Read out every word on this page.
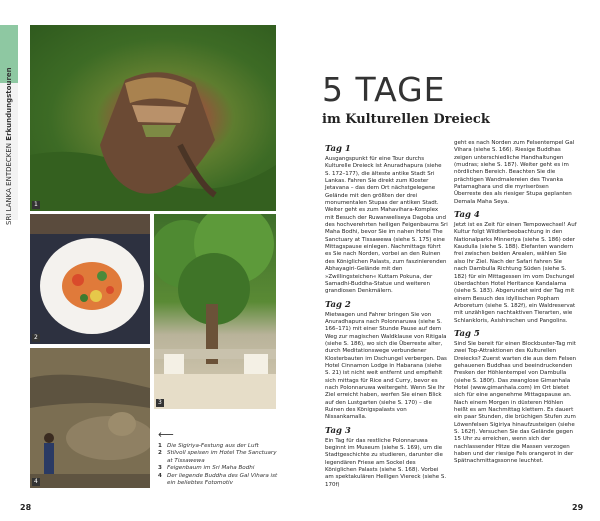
SRI LANKA ENTDECKEN Erkundungstouren
1
2
3
4
⟵
1 Die Sigiriya-Festung aus der Luft
2 Stilvoll speisen im Hotel The Sanctuary at Tissawewa
3 Feigenbaum im Sri Maha Bodhi
4 Der liegende Buddha des Gal Vihara ist ein beliebtes Fotomotiv
28	29
5 TAGE
im Kulturellen Dreieck
Tag 1

Ausgangspunkt für eine Tour durchs Kulturelle Dreieck ist Anuradhapura (siehe S. 172–177), die älteste antike Stadt Sri Lankas. Fahren Sie direkt zum Kloster Jetavana – das dem Ort nächstgelegene Gelände mit den größten der drei monumentalen Stupas der antiken Stadt. Weiter geht es zum Mahavihara-Komplex mit Besuch der Ruwanweliseya Dagoba und des hochverehrten heiligen Feigenbaums Sri Maha Bodhi, bevor Sie im nahen Hotel The Sanctuary at Tissawewa (siehe S. 175) eine Mittagspause einlegen. Nachmittags führt es Sie nach Norden, vorbei an den Ruinen des Königlichen Palasts, zum faszinierenden Abhayagiri-Gelände mit den »Zwillingsteichen« Kuttam Pokuna, der Samadhi-Buddha-Statue und weiteren grandiosen Denkmälern.

Tag 2

Mietwagen und Fahrer bringen Sie von Anuradhapura nach Polonnaruwa (siehe S. 166–171) mit einer Stunde Pause auf dem Weg zur magischen Waldklause von Ritigala (siehe S. 186), wo sich die Überreste alter, durch Meditationswege verbundener Klosterbauten im Dschungel verbergen. Das Hotel Cinnamon Lodge in Habarana (siehe S. 21) ist nicht weit entfernt und empfiehlt sich mittags für Rice and Curry, bevor es nach Polonnaruwa weitergeht. Wenn Sie Ihr Ziel erreicht haben, werfen Sie einen Blick auf den Lustgarten (siehe S. 170) – die Ruinen des Königspalasts von Nissankamalla.

Tag 3

Ein Tag für das restliche Polonnaruwa beginnt im Museum (siehe S. 169), um die Stadtgeschichte zu studieren, darunter die legendären Friese am Sockel des Königlichen Palasts (siehe S. 168). Vorbei am spektakulären Heiligen Viereck (siehe S. 170f)

geht es nach Norden zum Felsentempel Gal Vihara (siehe S. 166). Riesige Buddhas zeigen unterschiedliche Handhaltungen (mudras; siehe S. 187). Weiter geht es im nördlichen Bereich. Beachten Sie die prächtigen Wandmalereien des Tivanka Patamaghara und die myriserösen Überreste des als riesiger Stupa geplanten Demala Maha Seya.

Tag 4

Jetzt ist es Zeit für einen Tempowechsel! Auf Kultur folgt Wildtierbeobachtung in den Nationalparks Minneriya (siehe S. 186) oder Kaudulla (siehe S. 188). Elefanten wandern frei zwischen beiden Arealen, wählen Sie also Ihr Ziel. Nach der Safari fahren Sie nach Dambulla Richtung Süden (siehe S. 182) für ein Mittagessen im vom Dschungel überdachten Hotel Heritance Kandalama (siehe S. 183). Abgerundet wird der Tag mit einem Besuch des idyllischen Popham Arboretum (siehe S. 182f), ein Waldreservat mit unzähligen nachtaktiven Tierarten, wie Schlankloris, Axishirschen und Pangolins.

Tag 5

Sind Sie bereit für einen Blockbuster-Tag mit zwei Top-Attraktionen des Kulturellen Dreiecks? Zuerst warten die aus dem Felsen gehauenen Buddhas und beeindruckenden Fresken der Höhlentempel von Dambulla (siehe S. 180f). Das zwanglose Gimanhala Hotel (www.gimanhala.com) im Ort bietet sich für eine angenehme Mittagspause an. Nach einem Morgen in düsteren Höhlen heißt es am Nachmittag klettern. Es dauert ein paar Stunden, die brüchigen Stufen zum Löwenfelsen Sigiriya hinaufzusteigen (siehe S. 162f). Versuchen Sie das Gelände gegen 15 Uhr zu erreichen, wenn sich der nachlassender Hitze die Massen verzogen haben und der riesige Fels orangerot in der Spätnachmittagssonne leuchtet.
